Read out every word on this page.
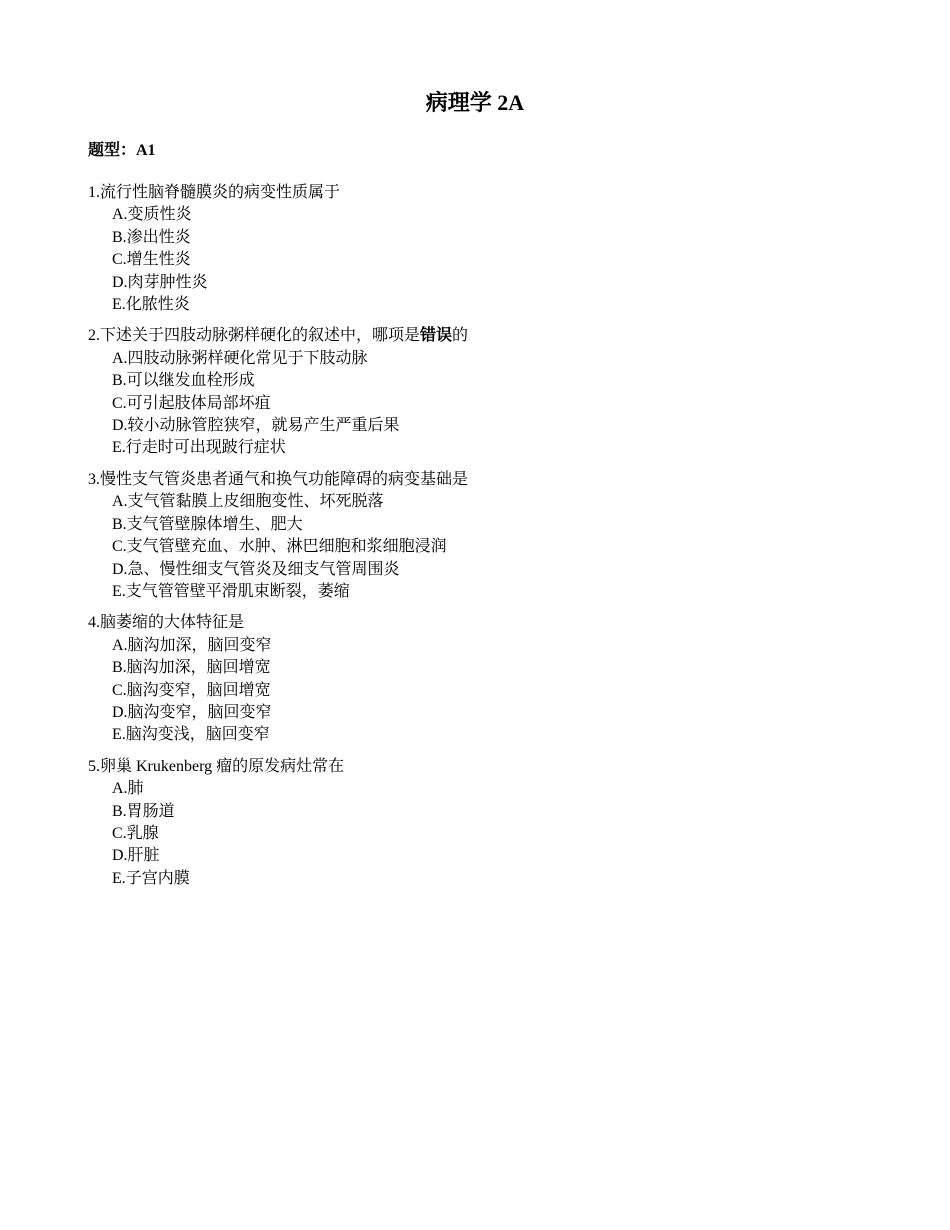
病理学 2A
题型：A1

1.流行性脑脊髓膜炎的病变性质属于

A.变质性炎
B.渗出性炎
C.增生性炎
D.肉芽肿性炎
E.化脓性炎

2.下述关于四肢动脉粥样硬化的叙述中，哪项是错误的

A.四肢动脉粥样硬化常见于下肢动脉
B.可以继发血栓形成
C.可引起肢体局部坏疽
D.较小动脉管腔狭窄，就易产生严重后果
E.行走时可出现跛行症状

3.慢性支气管炎患者通气和换气功能障碍的病变基础是

A.支气管黏膜上皮细胞变性、坏死脱落
B.支气管壁腺体增生、肥大
C.支气管壁充血、水肿、淋巴细胞和浆细胞浸润
D.急、慢性细支气管炎及细支气管周围炎
E.支气管管壁平滑肌束断裂，萎缩

4.脑萎缩的大体特征是

A.脑沟加深，脑回变窄
B.脑沟加深，脑回增宽
C.脑沟变窄，脑回增宽
D.脑沟变窄，脑回变窄
E.脑沟变浅，脑回变窄

5.卵巢 Krukenberg 瘤的原发病灶常在

A.肺
B.胃肠道
C.乳腺
D.肝脏
E.子宫内膜
